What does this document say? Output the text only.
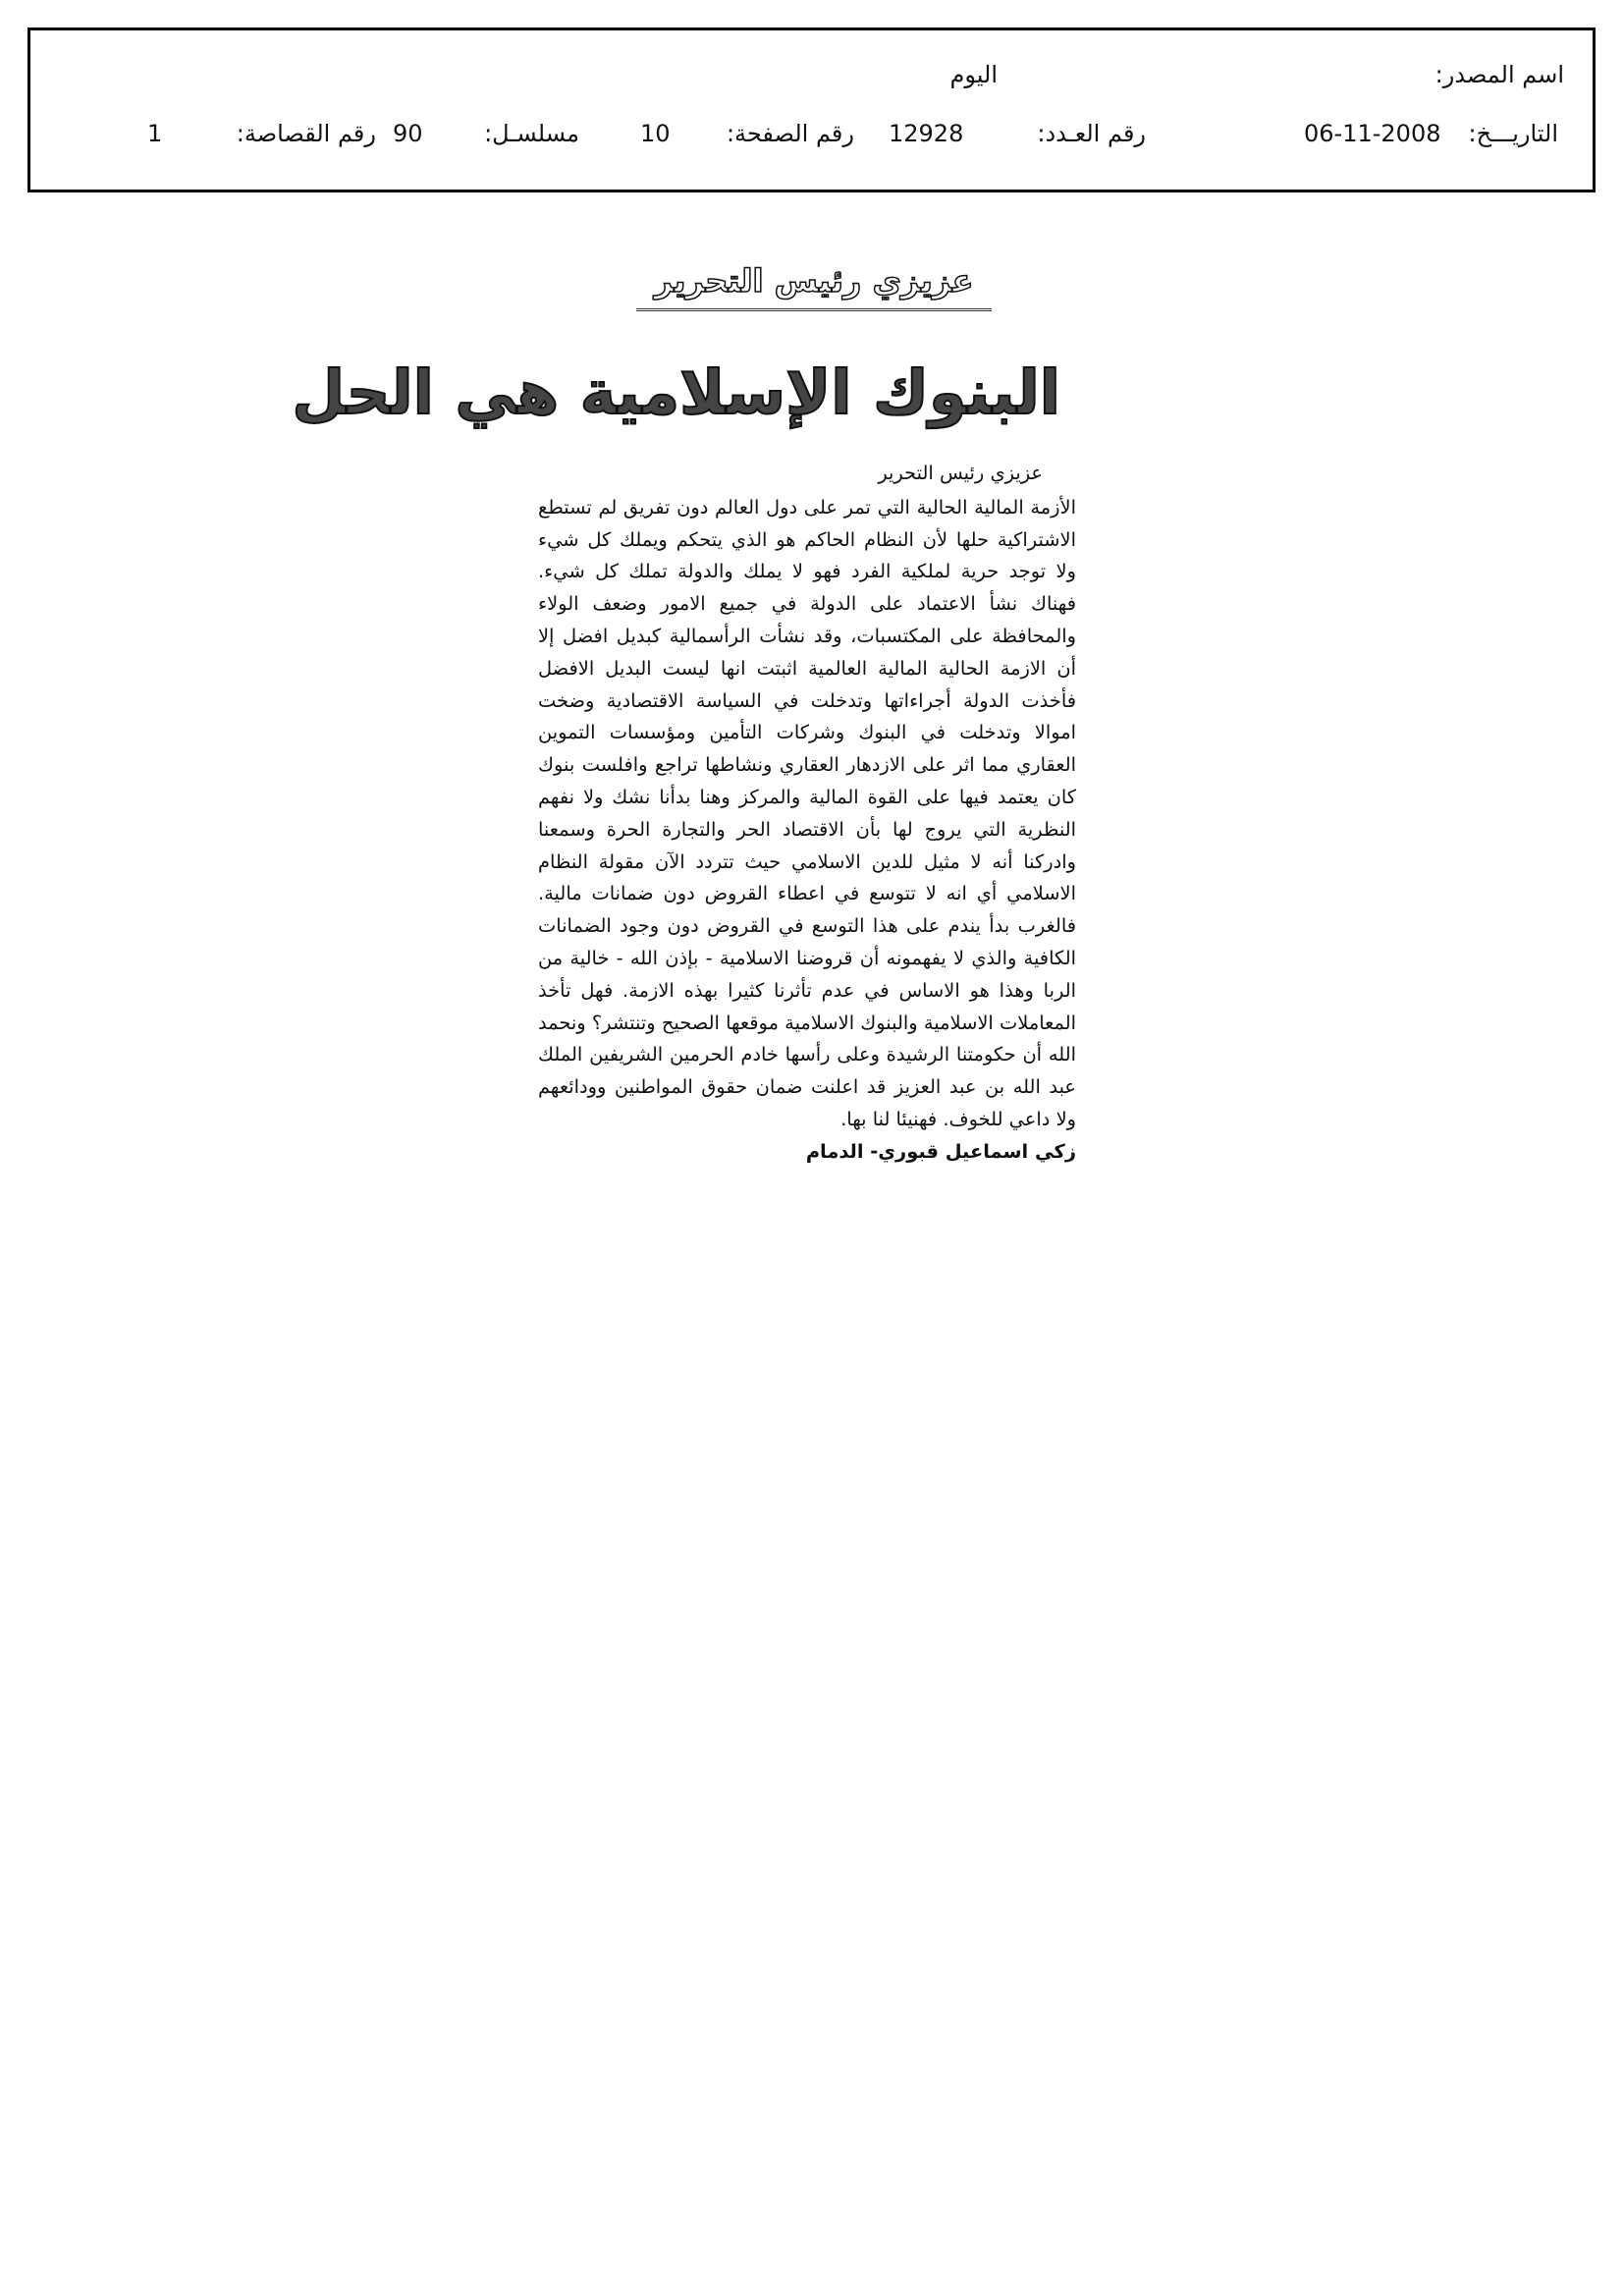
اسم المصدر:
اليوم
التاريـــخ:
06-11-2008
رقم العـدد:
12928
رقم الصفحة:
10
مسلسـل:
90
رقم القصاصة:
1
عزيزي رئيس التحرير
البنوك الإسلامية هي الحل

عزيزي رئيس التحرير

الأزمة المالية الحالية التي تمر على دول العالم دون تفريق لم تستطع الاشتراكية حلها لأن النظام الحاكم هو الذي يتحكم ويملك كل شيء ولا توجد حرية لملكية الفرد فهو لا يملك والدولة تملك كل شيء. فهناك نشأ الاعتماد على الدولة في جميع الامور وضعف الولاء والمحافظة على المكتسبات، وقد نشأت الرأسمالية كبديل افضل إلا أن الازمة الحالية المالية العالمية اثبتت انها ليست البديل الافضل فأخذت الدولة أجراءاتها وتدخلت في السياسة الاقتصادية وضخت اموالا وتدخلت في البنوك وشركات التأمين ومؤسسات التموين العقاري مما اثر على الازدهار العقاري ونشاطها تراجع وافلست بنوك كان يعتمد فيها على القوة المالية والمركز وهنا بدأنا نشك ولا نفهم النظرية التي يروج لها بأن الاقتصاد الحر والتجارة الحرة وسمعنا وادركنا أنه لا مثيل للدين الاسلامي حيث تتردد الآن مقولة النظام الاسلامي أي انه لا تتوسع في اعطاء القروض دون ضمانات مالية. فالغرب بدأ يندم على هذا التوسع في القروض دون وجود الضمانات الكافية والذي لا يفهمونه أن قروضنا الاسلامية - بإذن الله - خالية من الربا وهذا هو الاساس في عدم تأثرنا كثيرا بهذه الازمة. فهل تأخذ المعاملات الاسلامية والبنوك الاسلامية موقعها الصحيح وتنتشر؟ ونحمد الله أن حكومتنا الرشيدة وعلى رأسها خادم الحرمين الشريفين الملك عبد الله بن عبد العزيز قد اعلنت ضمان حقوق المواطنين وودائعهم ولا داعي للخوف. فهنيئا لنا بها.

زكي اسماعيل قبوري- الدمام
